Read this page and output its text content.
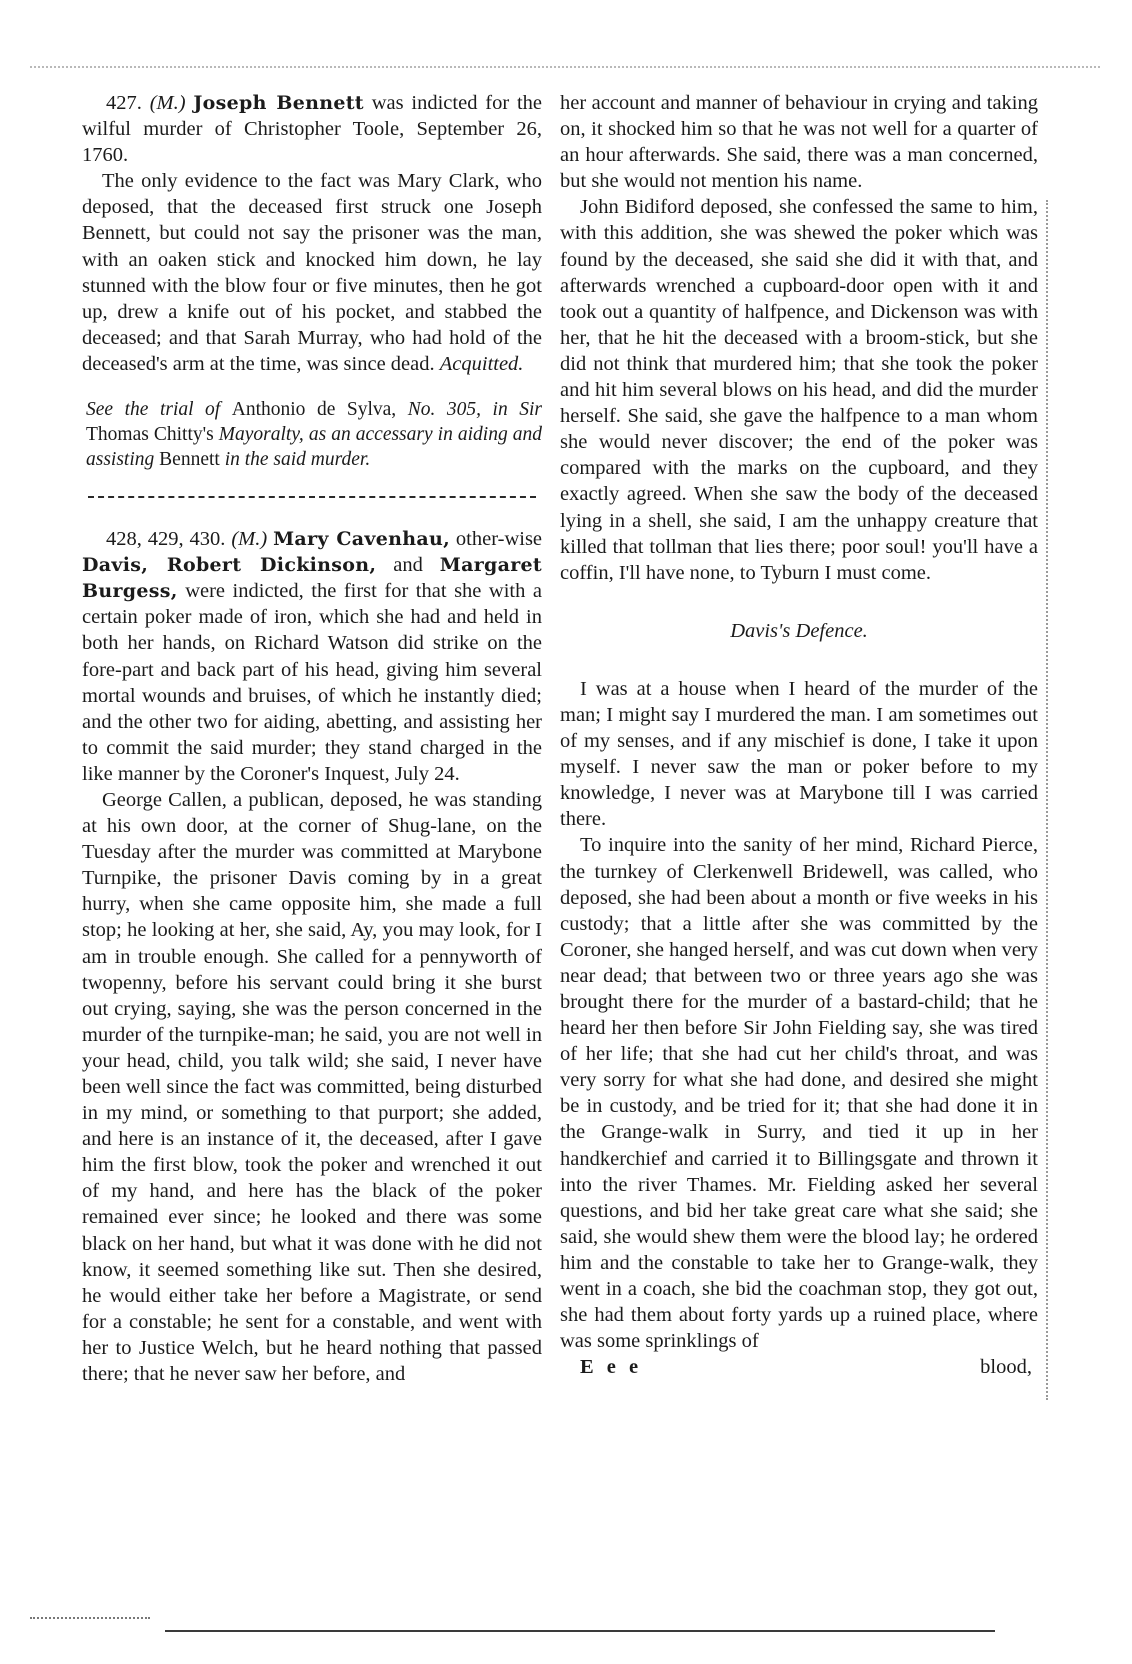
427. (M.) Joseph Bennett was indicted for the wilful murder of Christopher Toole, September 26, 1760.

The only evidence to the fact was Mary Clark, who deposed, that the deceased first struck one Joseph Bennett, but could not say the prisoner was the man, with an oaken stick and knocked him down, he lay stunned with the blow four or five minutes, then he got up, drew a knife out of his pocket, and stabbed the deceased; and that Sarah Murray, who had hold of the deceased's arm at the time, was since dead. Acquitted.

See the trial of Anthonio de Sylva, No. 305, in Sir Thomas Chitty's Mayoralty, as an accessary in aiding and assisting Bennett in the said murder.

428, 429, 430. (M.) Mary Cavenhau, other-wise Davis, Robert Dickinson, and Margaret Burgess, were indicted, the first for that she with a certain poker made of iron, which she had and held in both her hands, on Richard Watson did strike on the fore-part and back part of his head, giving him several mortal wounds and bruises, of which he instantly died; and the other two for aiding, abetting, and assisting her to commit the said murder; they stand charged in the like manner by the Coroner's Inquest, July 24.

George Callen, a publican, deposed, he was standing at his own door, at the corner of Shug-lane, on the Tuesday after the murder was committed at Marybone Turnpike, the prisoner Davis coming by in a great hurry, when she came opposite him, she made a full stop; he looking at her, she said, Ay, you may look, for I am in trouble enough. She called for a pennyworth of twopenny, before his servant could bring it she burst out crying, saying, she was the person concerned in the murder of the turnpike-man; he said, you are not well in your head, child, you talk wild; she said, I never have been well since the fact was committed, being disturbed in my mind, or something to that purport; she added, and here is an instance of it, the deceased, after I gave him the first blow, took the poker and wrenched it out of my hand, and here has the black of the poker remained ever since; he looked and there was some black on her hand, but what it was done with he did not know, it seemed something like sut. Then she desired, he would either take her before a Magistrate, or send for a constable; he sent for a constable, and went with her to Justice Welch, but he heard nothing that passed there; that he never saw her before, and

her account and manner of behaviour in crying and taking on, it shocked him so that he was not well for a quarter of an hour afterwards. She said, there was a man concerned, but she would not mention his name.

John Bidiford deposed, she confessed the same to him, with this addition, she was shewed the poker which was found by the deceased, she said she did it with that, and afterwards wrenched a cupboard-door open with it and took out a quantity of halfpence, and Dickenson was with her, that he hit the deceased with a broom-stick, but she did not think that murdered him; that she took the poker and hit him several blows on his head, and did the murder herself. She said, she gave the halfpence to a man whom she would never discover; the end of the poker was compared with the marks on the cupboard, and they exactly agreed. When she saw the body of the deceased lying in a shell, she said, I am the unhappy creature that killed that tollman that lies there; poor soul! you'll have a coffin, I'll have none, to Tyburn I must come.

Davis's Defence.

I was at a house when I heard of the murder of the man; I might say I murdered the man. I am sometimes out of my senses, and if any mischief is done, I take it upon myself. I never saw the man or poker before to my knowledge, I never was at Marybone till I was carried there.

To inquire into the sanity of her mind, Richard Pierce, the turnkey of Clerkenwell Bridewell, was called, who deposed, she had been about a month or five weeks in his custody; that a little after she was committed by the Coroner, she hanged herself, and was cut down when very near dead; that between two or three years ago she was brought there for the murder of a bastard-child; that he heard her then before Sir John Fielding say, she was tired of her life; that she had cut her child's throat, and was very sorry for what she had done, and desired she might be in custody, and be tried for it; that she had done it in the Grange-walk in Surry, and tied it up in her handkerchief and carried it to Billingsgate and thrown it into the river Thames. Mr. Fielding asked her several questions, and bid her take great care what she said; she said, she would shew them were the blood lay; he ordered him and the constable to take her to Grange-walk, they went in a coach, she bid the coachman stop, they got out, she had them about forty yards up a ruined place, where was some sprinklings of

E e e	blood,
